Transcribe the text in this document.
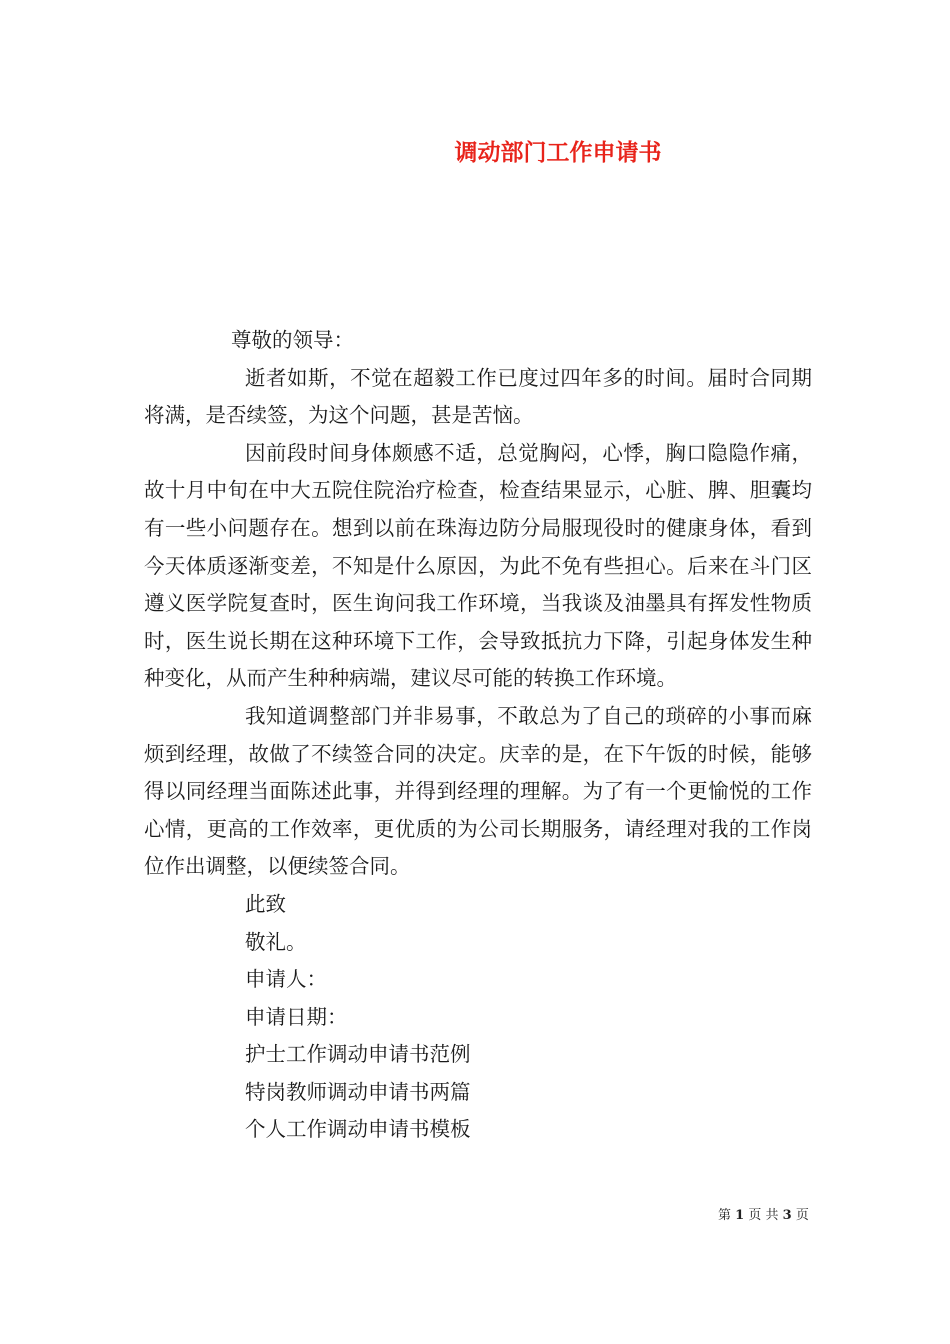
调动部门工作申请书

尊敬的领导：

逝者如斯，不觉在超毅工作已度过四年多的时间。届时合同期将满，是否续签，为这个问题，甚是苦恼。

因前段时间身体颇感不适，总觉胸闷，心悸，胸口隐隐作痛，故十月中旬在中大五院住院治疗检查，检查结果显示，心脏、脾、胆囊均有一些小问题存在。想到以前在珠海边防分局服现役时的健康身体，看到今天体质逐渐变差，不知是什么原因，为此不免有些担心。后来在斗门区遵义医学院复查时，医生询问我工作环境，当我谈及油墨具有挥发性物质时，医生说长期在这种环境下工作，会导致抵抗力下降，引起身体发生种种变化，从而产生种种病端，建议尽可能的转换工作环境。

我知道调整部门并非易事，不敢总为了自己的琐碎的小事而麻烦到经理，故做了不续签合同的决定。庆幸的是，在下午饭的时候，能够得以同经理当面陈述此事，并得到经理的理解。为了有一个更愉悦的工作心情，更高的工作效率，更优质的为公司长期服务，请经理对我的工作岗位作出调整，以便续签合同。

此致

敬礼。

申请人：

申请日期：

护士工作调动申请书范例

特岗教师调动申请书两篇

个人工作调动申请书模板

第 1 页 共 3 页
